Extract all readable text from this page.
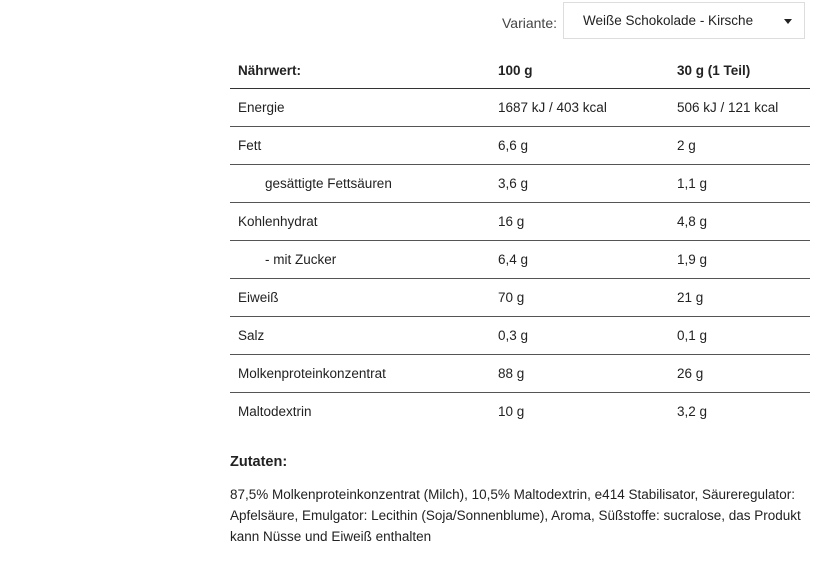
Variante: Weiße Schokolade - Kirsche
Nährwert:	100 g	30 g (1 Teil)
Energie	1687 kJ / 403 kcal	506 kJ / 121 kcal
Fett	6,6 g	2 g
gesättigte Fettsäuren	3,6 g	1,1 g
Kohlenhydrat	16 g	4,8 g
- mit Zucker	6,4 g	1,9 g
Eiweiß	70 g	21 g
Salz	0,3 g	0,1 g
Molkenproteinkonzentrat	88 g	26 g
Maltodextrin	10 g	3,2 g
Zutaten:
87,5% Molkenproteinkonzentrat (Milch), 10,5% Maltodextrin, e414 Stabilisator, Säureregulator: Apfelsäure, Emulgator: Lecithin (Soja/Sonnenblume), Aroma, Süßstoffe: sucralose, das Produkt kann Nüsse und Eiweiß enthalten
